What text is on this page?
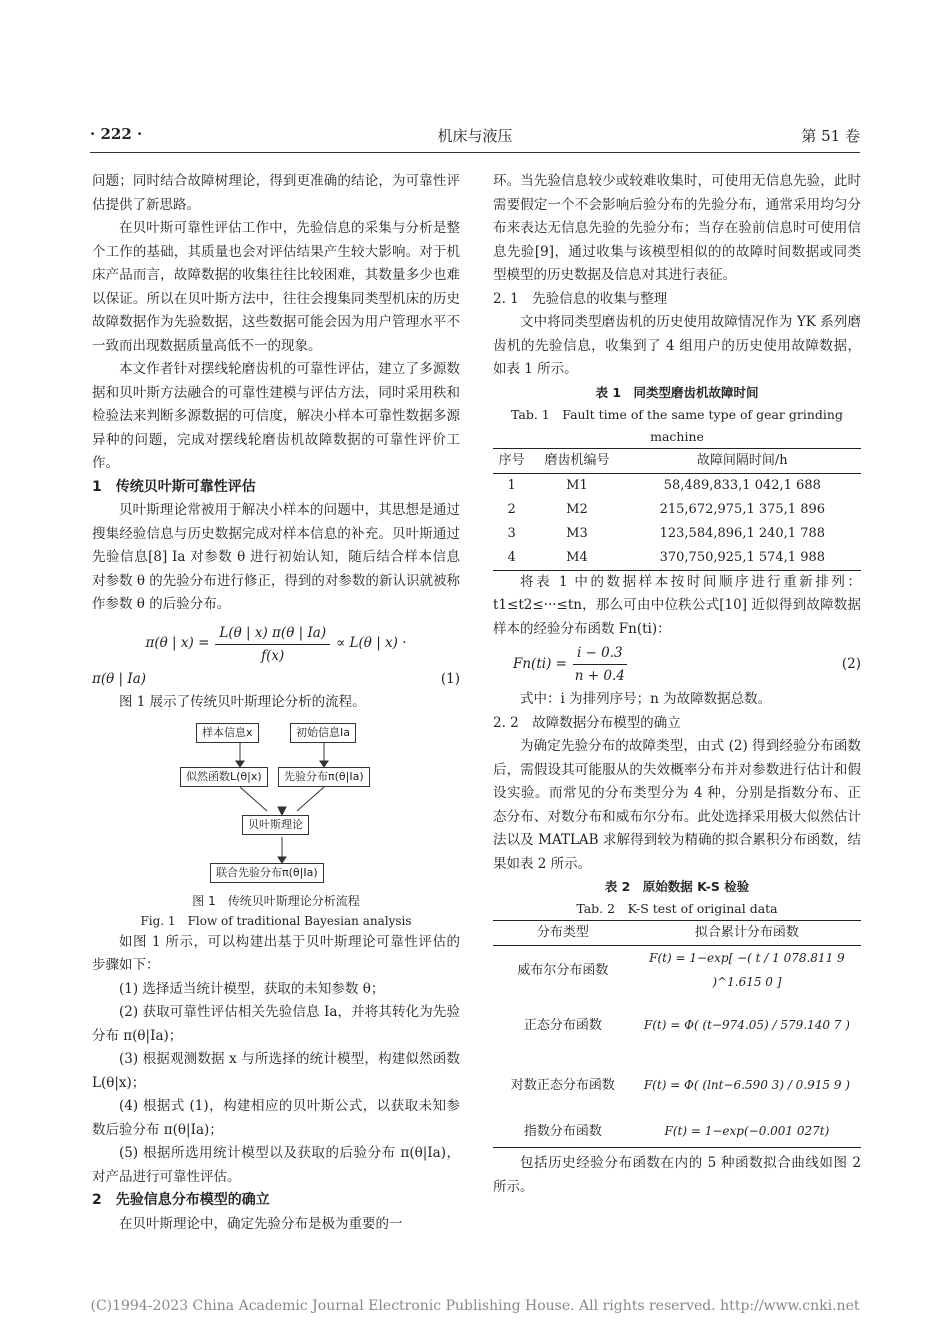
· 222 ·	机床与液压	第 51 卷

问题；同时结合故障树理论，得到更准确的结论，为可靠性评估提供了新思路。

在贝叶斯可靠性评估工作中，先验信息的采集与分析是整个工作的基础，其质量也会对评估结果产生较大影响。对于机床产品而言，故障数据的收集往往比较困难，其数量多少也难以保证。所以在贝叶斯方法中，往往会搜集同类型机床的历史故障数据作为先验数据，这些数据可能会因为用户管理水平不一致而出现数据质量高低不一的现象。

本文作者针对摆线轮磨齿机的可靠性评估，建立了多源数据和贝叶斯方法融合的可靠性建模与评估方法，同时采用秩和检验法来判断多源数据的可信度，解决小样本可靠性数据多源异种的问题，完成对摆线轮磨齿机故障数据的可靠性评价工作。

1　传统贝叶斯可靠性评估

贝叶斯理论常被用于解决小样本的问题中，其思想是通过搜集经验信息与历史数据完成对样本信息的补充。贝叶斯通过先验信息[8] Ia 对参数 θ 进行初始认知，随后结合样本信息对参数 θ 的先验分布进行修正，得到的对参数的新认识就被称作参数 θ 的后验分布。

π(θ | $x) = \frac{L(\theta | x) \pi(\theta | Ia)}{f(x)} \propto L(\theta$ | x) ·
π(θ | Ia)	(1)

图 1 展示了传统贝叶斯理论分析的流程。

样本信息x	初始信息Ia
似然函数L(θ|x)	先验分布π(θ|Ia)
贝叶斯理论
联合先验分布π(θ|Ia)
图 1　传统贝叶斯理论分析流程
Fig. 1　Flow of traditional Bayesian analysis

如图 1 所示，可以构建出基于贝叶斯理论可靠性评估的步骤如下：

(1) 选择适当统计模型，获取的未知参数 θ；

(2) 获取可靠性评估相关先验信息 Ia，并将其转化为先验分布 π(θ|Ia)；

(3) 根据观测数据 x 与所选择的统计模型，构建似然函数 L(θ|x)；

(4) 根据式 (1)，构建相应的贝叶斯公式，以获取未知参数后验分布 π(θ|Ia)；

(5) 根据所选用统计模型以及获取的后验分布 π(θ|Ia)，对产品进行可靠性评估。

2　先验信息分布模型的确立

在贝叶斯理论中，确定先验分布是极为重要的一

环。当先验信息较少或较难收集时，可使用无信息先验，此时需要假定一个不会影响后验分布的先验分布，通常采用均匀分布来表达无信息先验的先验分布；当存在验前信息时可使用信息先验[9]，通过收集与该模型相似的的故障时间数据或同类型模型的历史数据及信息对其进行表征。

2. 1　先验信息的收集与整理

文中将同类型磨齿机的历史使用故障情况作为 YK 系列磨齿机的先验信息，收集到了 4 组用户的历史使用故障数据，如表 1 所示。

表 1　同类型磨齿机故障时间
Tab. 1　Fault time of the same type of gear grinding machine
序号	磨齿机编号	故障间隔时间/h
1	M1	58,489,833,1 042,1 688
2	M2	215,672,975,1 375,1 896
3	M3	123,584,896,1 240,1 788
4	M4	370,750,925,1 574,1 988

将表 1 中的数据样本按时间顺序进行重新排列：t1≤t2≤···≤tn，那么可由中位秩公式[10] 近似得到故障数据样本的经验分布函数 Fn(ti)：

$Fn(ti) = \frac{i - 0.3}{n + 0.4}$	(2)

式中：i 为排列序号；n 为故障数据总数。

2. 2　故障数据分布模型的确立

为确定先验分布的故障类型，由式 (2) 得到经验分布函数后，需假设其可能服从的失效概率分布并对参数进行估计和假设实验。而常见的分布类型分为 4 种，分别是指数分布、正态分布、对数分布和威布尔分布。此处选择采用极大似然估计法以及 MATLAB 求解得到较为精确的拟合累积分布函数，结果如表 2 所示。

表 2　原始数据 K-S 检验
Tab. 2　K-S test of original data
分布类型	拟合累计分布函数
威布尔分布函数	F(t) = 1−exp[ −( t / 1 078.811 9 )^1.615 0 ]
正态分布函数	F(t) = Φ( (t−974.05) / 579.140 7 )
对数正态分布函数	F(t) = Φ( (lnt−6.590 3) / 0.915 9 )
指数分布函数	F(t) = 1−exp(−0.001 027t)

包括历史经验分布函数在内的 5 种函数拟合曲线如图 2 所示。

(C)1994-2023 China Academic Journal Electronic Publishing House. All rights reserved. http://www.cnki.net
